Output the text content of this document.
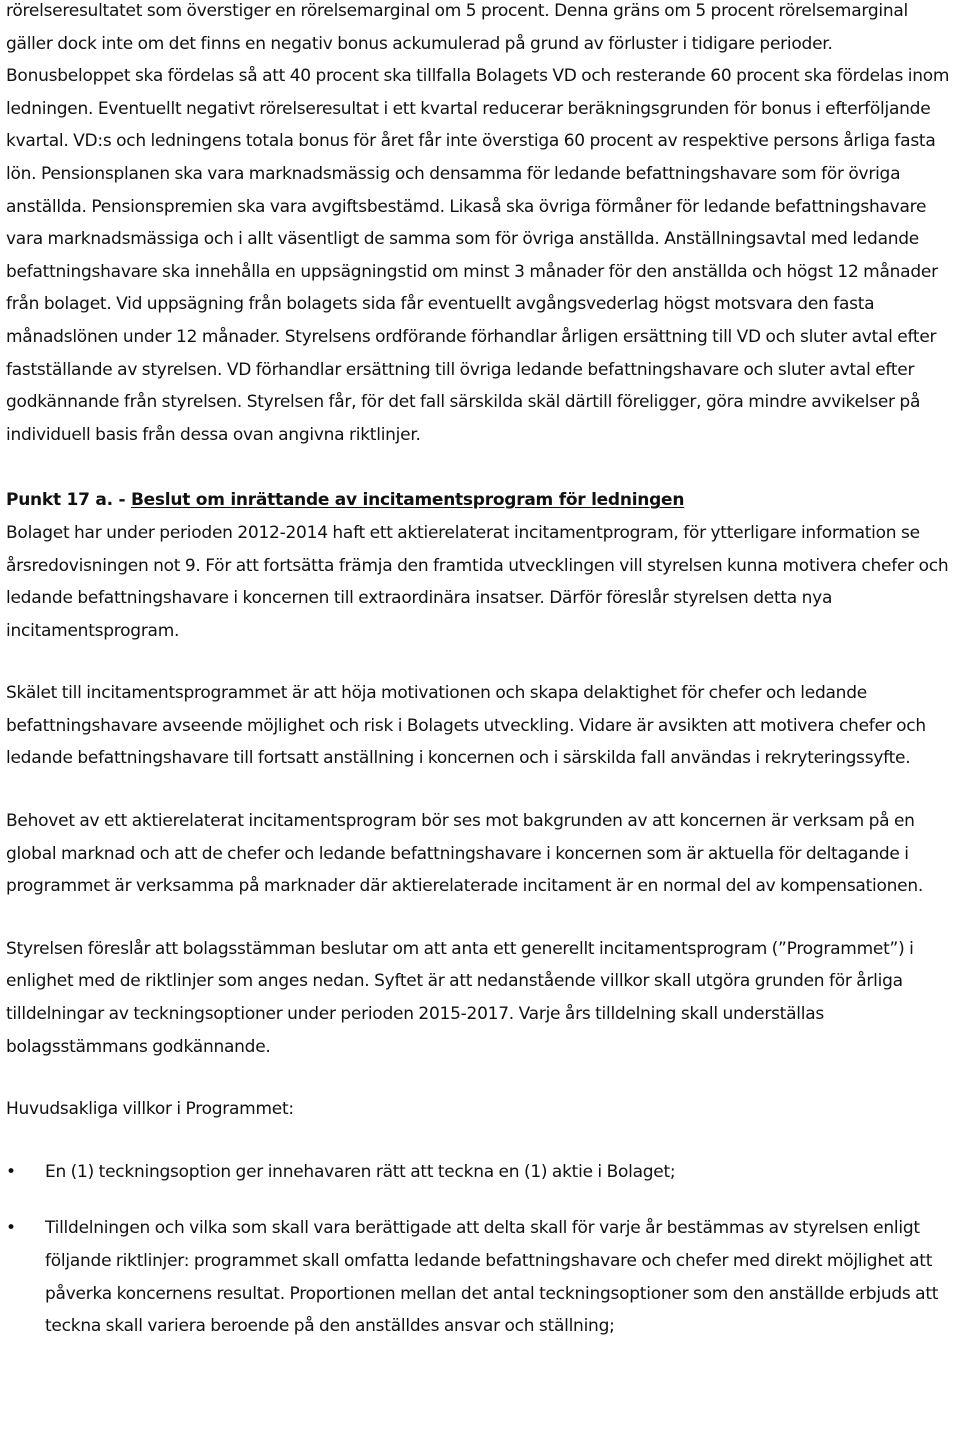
rörelseresultatet som överstiger en rörelsemarginal om 5 procent. Denna gräns om 5 procent rörelsemarginal gäller dock inte om det finns en negativ bonus ackumulerad på grund av förluster i tidigare perioder. Bonusbeloppet ska fördelas så att 40 procent ska tillfalla Bolagets VD och resterande 60 procent ska fördelas inom ledningen. Eventuellt negativt rörelseresultat i ett kvartal reducerar beräkningsgrunden för bonus i efterföljande kvartal. VD:s och ledningens totala bonus för året får inte överstiga 60 procent av respektive persons årliga fasta lön. Pensionsplanen ska vara marknadsmässig och densamma för ledande befattningshavare som för övriga anställda. Pensionspremien ska vara avgiftsbestämd. Likaså ska övriga förmåner för ledande befattningshavare vara marknadsmässiga och i allt väsentligt de samma som för övriga anställda. Anställningsavtal med ledande befattningshavare ska innehålla en uppsägningstid om minst 3 månader för den anställda och högst 12 månader från bolaget. Vid uppsägning från bolagets sida får eventuellt avgångsvederlag högst motsvara den fasta månadslönen under 12 månader. Styrelsens ordförande förhandlar årligen ersättning till VD och sluter avtal efter fastställande av styrelsen. VD förhandlar ersättning till övriga ledande befattningshavare och sluter avtal efter godkännande från styrelsen. Styrelsen får, för det fall särskilda skäl därtill föreligger, göra mindre avvikelser på individuell basis från dessa ovan angivna riktlinjer.

Punkt 17 a. - Beslut om inrättande av incitamentsprogram för ledningen

Bolaget har under perioden 2012-2014 haft ett aktierelaterat incitamentprogram, för ytterligare information se årsredovisningen not 9. För att fortsätta främja den framtida utvecklingen vill styrelsen kunna motivera chefer och ledande befattningshavare i koncernen till extraordinära insatser. Därför föreslår styrelsen detta nya incitamentsprogram.

Skälet till incitamentsprogrammet är att höja motivationen och skapa delaktighet för chefer och ledande befattningshavare avseende möjlighet och risk i Bolagets utveckling. Vidare är avsikten att motivera chefer och ledande befattningshavare till fortsatt anställning i koncernen och i särskilda fall användas i rekryteringssyfte.

Behovet av ett aktierelaterat incitamentsprogram bör ses mot bakgrunden av att koncernen är verksam på en global marknad och att de chefer och ledande befattningshavare i koncernen som är aktuella för deltagande i programmet är verksamma på marknader där aktierelaterade incitament är en normal del av kompensationen.

Styrelsen föreslår att bolagsstämman beslutar om att anta ett generellt incitamentsprogram (”Programmet”) i enlighet med de riktlinjer som anges nedan. Syftet är att nedanstående villkor skall utgöra grunden för årliga tilldelningar av teckningsoptioner under perioden 2015-2017. Varje års tilldelning skall underställas bolagsstämmans godkännande.

Huvudsakliga villkor i Programmet:

• En (1) teckningsoption ger innehavaren rätt att teckna en (1) aktie i Bolaget;
• Tilldelningen och vilka som skall vara berättigade att delta skall för varje år bestämmas av styrelsen enligt följande riktlinjer: programmet skall omfatta ledande befattningshavare och chefer med direkt möjlighet att påverka koncernens resultat. Proportionen mellan det antal teckningsoptioner som den anställde erbjuds att teckna skall variera beroende på den anställdes ansvar och ställning;
